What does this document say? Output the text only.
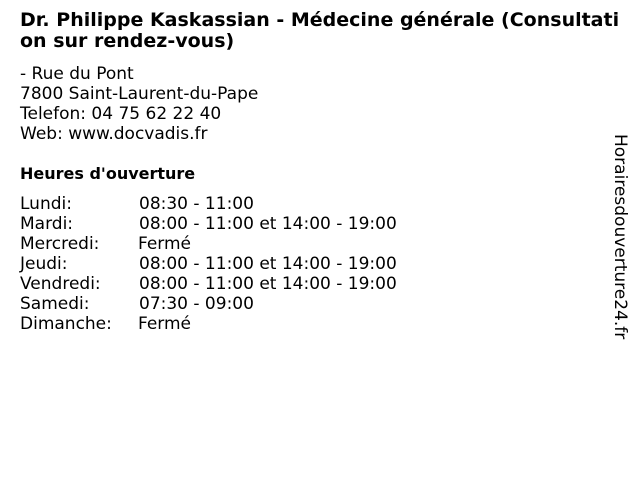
Dr. Philippe Kaskassian - Médecine générale (Consultation sur rendez-vous)
- Rue du Pont
7800 Saint-Laurent-du-Pape
Telefon: 04 75 62 22 40
Web: www.docvadis.fr
Heures d'ouverture
Lundi:	08:30 - 11:00
Mardi:	08:00 - 11:00 et 14:00 - 19:00
Mercredi: Fermé
Jeudi:	08:00 - 11:00 et 14:00 - 19:00
Vendredi: 08:00 - 11:00 et 14:00 - 19:00
Samedi:	07:30 - 09:00
Dimanche: Fermé	Horairesdouverture24.fr
